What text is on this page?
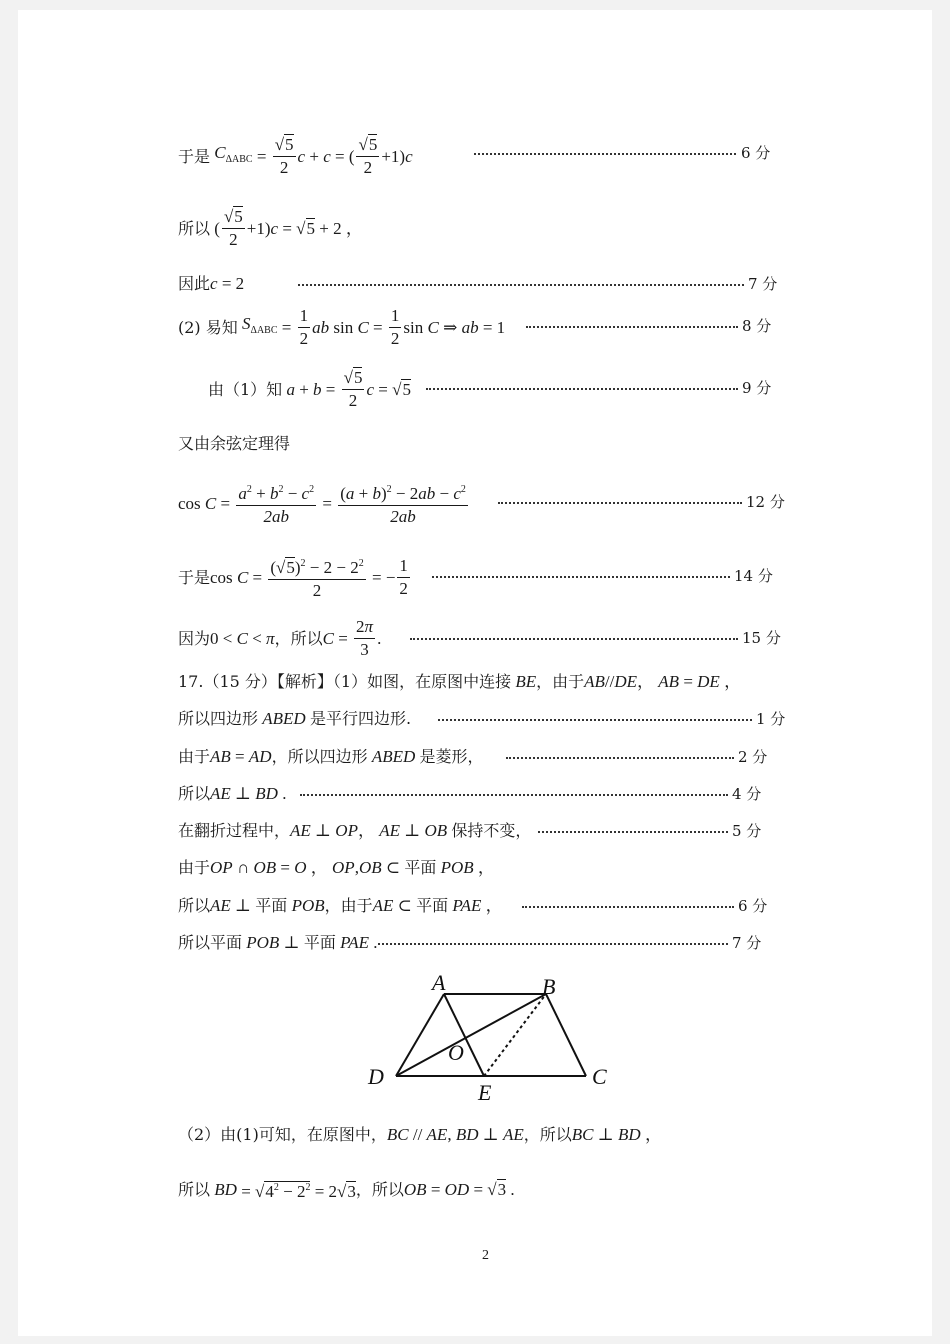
于是 $C_{\Delta ABC} = \frac{√5}{2}$ c + c = ( $\frac{√5}{2} +1$) c	6 分
所以 ( $\frac{√5}{2} +1$) c = √5 + 2 ，
因此 c = 2	7 分
(2) 易知 $S_{\Delta ABC} = \frac{1}{2}$ ab $\sin C = \frac{1}{2}$ sin C ⇒ ab = 1	8 分
由（1）知 $a + b = \frac{√5}{2}$ c = √5	9 分
又由余弦定理得
$\cos C = \frac{a^2 + b^2 - c^2}{2ab} = \frac{(a + b)^2 - 2ab - c^2}{2ab}$	12 分
于是 $\cos C = \frac{(√5)^2 - 2 - 2^2}{2}$ = − $\frac{1}{2}$	14 分
因为 0 < C < π ，所以 $C = \frac{2\pi}{3}$ .	15 分
17.（15 分）【解析】（1）如图，在原图中连接 BE ，由于 AB // DE ， AB = DE ，
所以四边形 ABED 是平行四边形.	1 分
由于 AB = AD ，所以四边形 ABED 是菱形，	2 分
所以 AE ⊥ BD .	4 分
在翻折过程中， AE ⊥ OP ， AE ⊥ OB
保持不变，	5 分
由于 OP ∩ OB = O ， OP , OB ⊂ 平面 POB ，
所以 AE ⊥ 平面 POB ，由于 AE ⊂ 平面 PAE ，	6 分
所以平面 POB ⊥ 平面 PAE .	7 分
A	B
C
D
E
O
（2）由(1)可知，在原图中， BC // AE , BD ⊥ AE ，所以 BC ⊥ BD ，
所以 BD = $√4^2 - 2^2 = 2√3$ ，所以 OB = OD = √3 .
2
